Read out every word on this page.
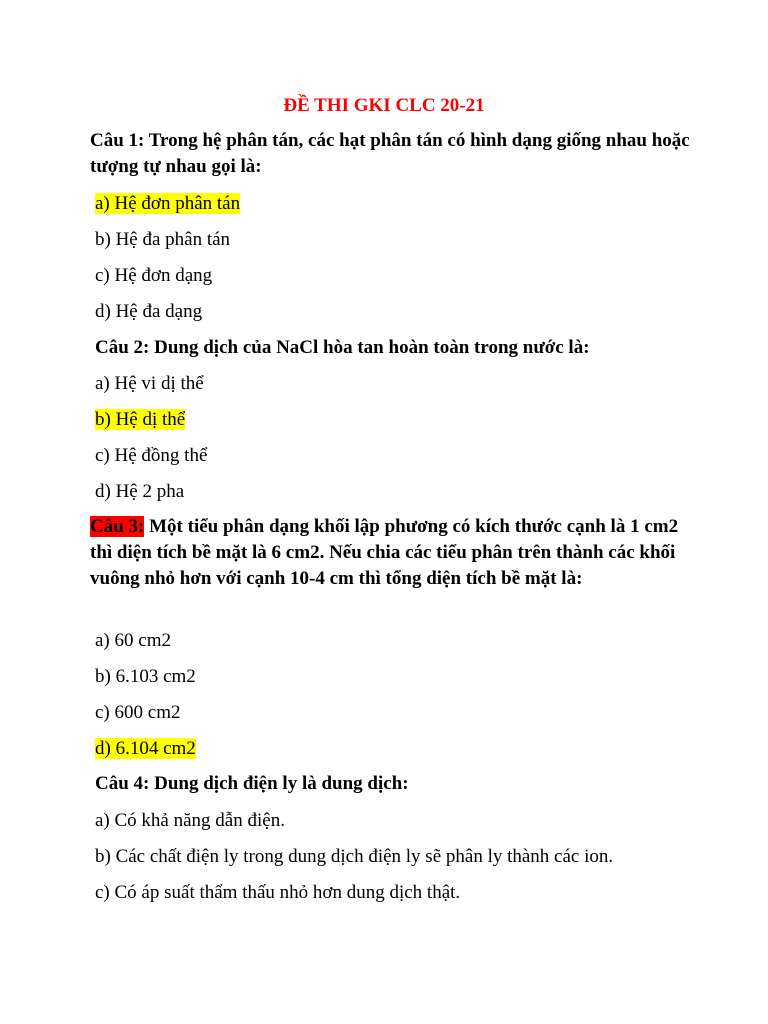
ĐỀ THI GKI CLC 20-21
Câu 1: Trong hệ phân tán, các hạt phân tán có hình dạng giống nhau hoặc tượng tự nhau gọi là:
a) Hệ đơn phân tán
b) Hệ đa phân tán
c) Hệ đơn dạng
d) Hệ đa dạng
Câu 2: Dung dịch của NaCl hòa tan hoàn toàn trong nước là:
a) Hệ vi dị thể
b) Hệ dị thể
c) Hệ đồng thể
d) Hệ 2 pha
Câu 3: Một tiểu phân dạng khối lập phương có kích thước cạnh là 1 cm2 thì diện tích bề mặt là 6 cm2. Nếu chia các tiểu phân trên thành các khối vuông nhỏ hơn với cạnh 10-4 cm thì tổng diện tích bề mặt là:
a) 60 cm2
b) 6.103 cm2
c) 600 cm2
d) 6.104 cm2
Câu 4: Dung dịch điện ly là dung dịch:
a) Có khả năng dẫn điện.
b) Các chất điện ly trong dung dịch điện ly sẽ phân ly thành các ion.
c) Có áp suất thẩm thấu nhỏ hơn dung dịch thật.
